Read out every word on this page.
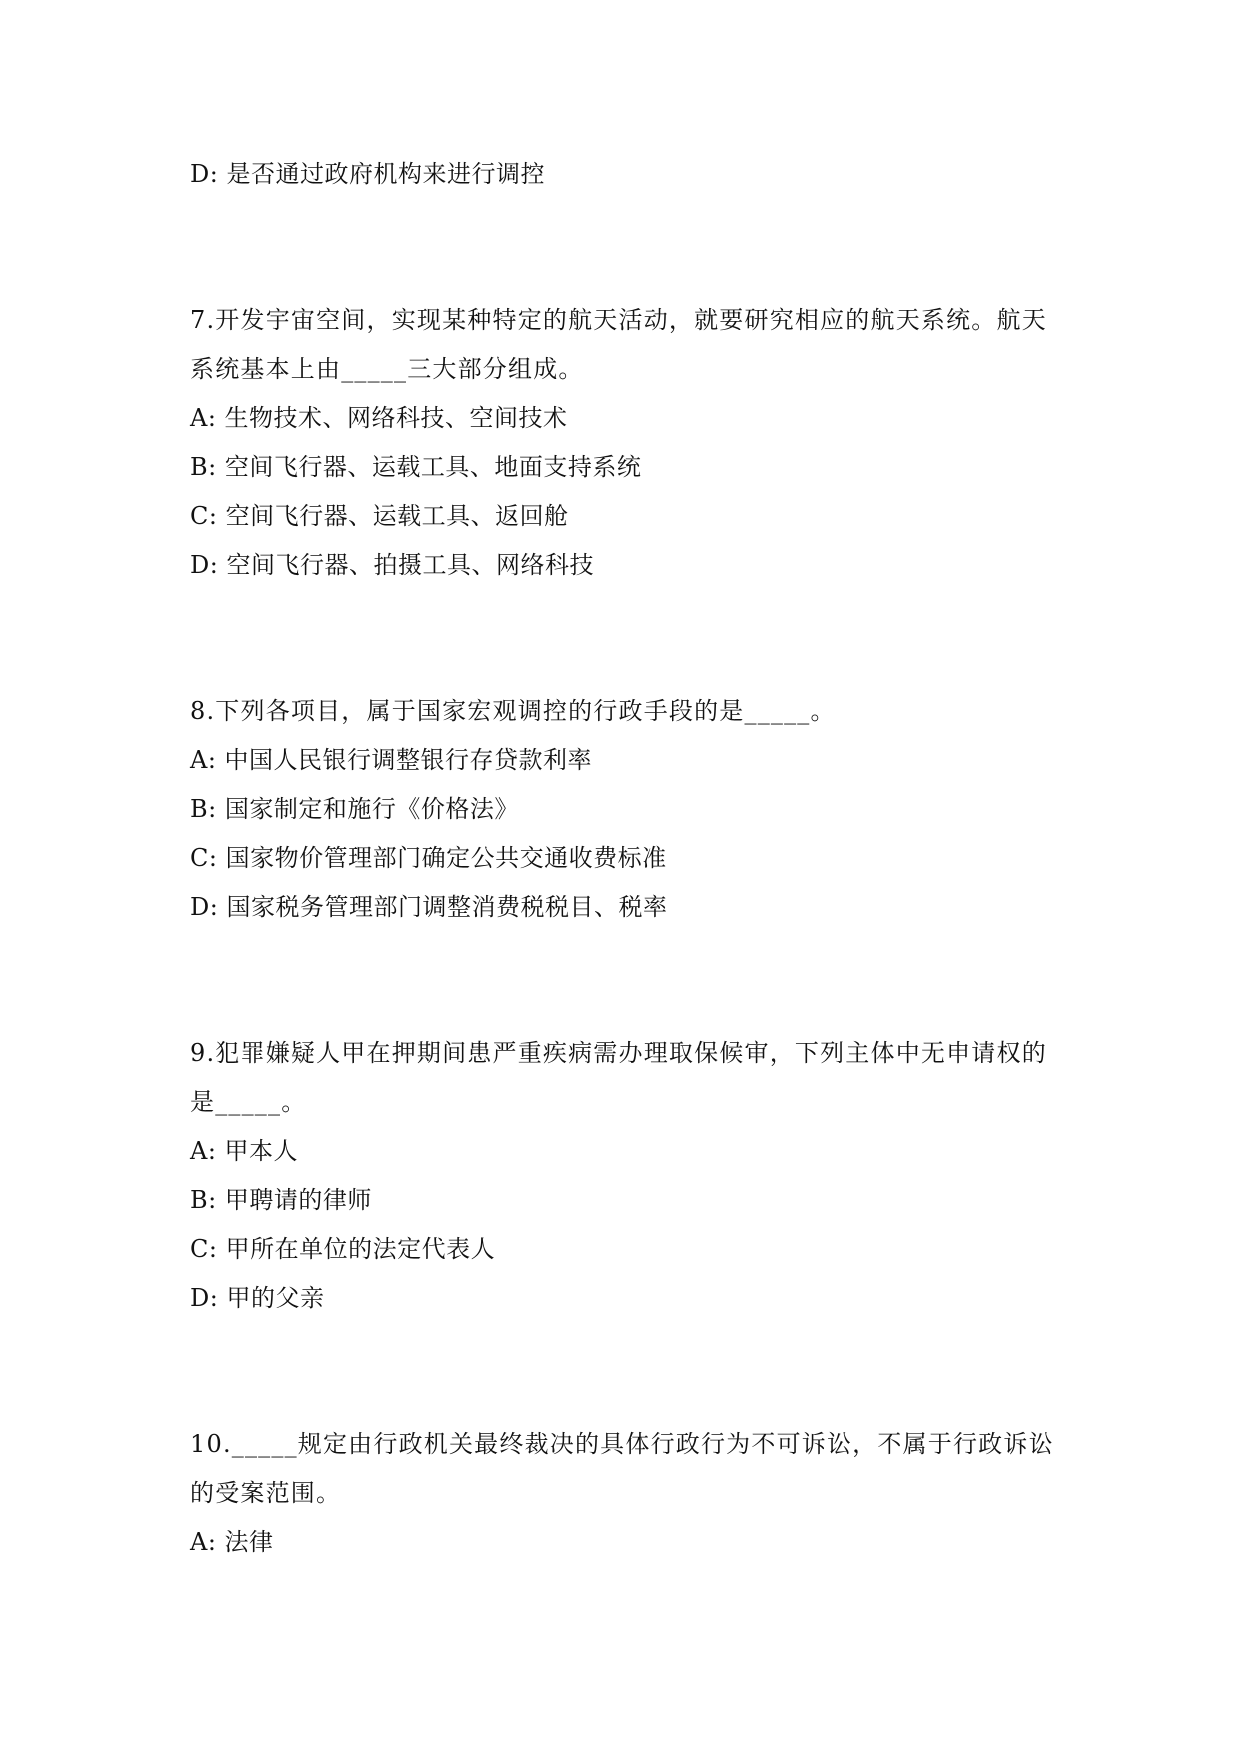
D: 是否通过政府机构来进行调控
7.开发宇宙空间，实现某种特定的航天活动，就要研究相应的航天系统。航天
系统基本上由_____三大部分组成。
A: 生物技术、网络科技、空间技术
B: 空间飞行器、运载工具、地面支持系统
C: 空间飞行器、运载工具、返回舱
D: 空间飞行器、拍摄工具、网络科技
8.下列各项目，属于国家宏观调控的行政手段的是_____。
A: 中国人民银行调整银行存贷款利率
B: 国家制定和施行《价格法》
C: 国家物价管理部门确定公共交通收费标准
D: 国家税务管理部门调整消费税税目、税率
9.犯罪嫌疑人甲在押期间患严重疾病需办理取保候审，下列主体中无申请权的
是_____。
A: 甲本人
B: 甲聘请的律师
C: 甲所在单位的法定代表人
D: 甲的父亲
10._____规定由行政机关最终裁决的具体行政行为不可诉讼，不属于行政诉讼
的受案范围。
A: 法律
